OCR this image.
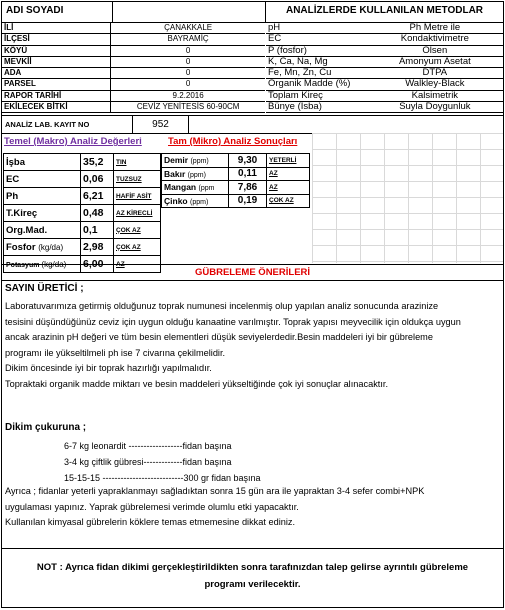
ADI SOYADI	ANALİZLERDE KULLANILAN METODLAR
İLİ	ÇANAKKALE
İLÇESİ	BAYRAMİÇ
KÖYÜ	0
MEVKİİ	0
ADA	0
PARSEL	0
RAPOR TARİHİ	9.2.2016
EKİLECEK BİTKİ	CEVİZ YENİTESİS 60-90CM
pH	Ph Metre ile
EC	Kondaktivimetre
P (fosfor)	Olsen
K, Ca, Na, Mg	Amonyum Asetat
Fe, Mn, Zn, Cu	DTPA
Organik Madde (%)	Walkley-Black
Toplam Kireç	Kalsimetrik
Bünye (İsba)	Suyla Doygunluk
ANALİZ LAB. KAYIT NO	952
Temel (Makro) Analiz Değerleri	Tam (Mikro) Analiz Sonuçları
İşba	35,2	TIN
EC	0,06	TUZSUZ
Ph	6,21	HAFİF ASİT
T.Kireç	0,48	AZ KİRECLİ
Org.Mad.	0,1	ÇOK AZ
Fosfor (kg/da)	2,98	ÇOK AZ
Potasyum (kg/da)	6,00	AZ
Demir (ppm)	9,30	YETERLİ
Bakır (ppm)	0,11	AZ
Mangan (ppm	7,86	AZ
Çinko (ppm)	0,19	ÇOK AZ
GÜBRELEME ÖNERİLERİ
SAYIN ÜRETİCİ ;
Laboratuvarımıza getirmiş olduğunuz toprak numunesi incelenmiş olup yapılan analiz sonucunda arazinize
tesisini düşündüğünüz ceviz için uygun olduğu kanaatine varılmıştır. Toprak yapısı meyvecilik için oldukça uygun
ancak arazinin pH değeri ve tüm besin elementleri düşük seviyelerdedir.Besin maddeleri iyi bir gübreleme
programı ile yükseltilmeli ph ise 7 civarına çekilmelidir.
Dikim öncesinde iyi bir toprak hazırlığı yapılmalıdır.
Topraktaki organik madde miktarı ve besin maddeleri yükseltiğinde çok iyi sonuçlar alınacaktır.
Dikim çukuruna ;
6-7 kg leonardit ------------------fidan başına
3-4 kg çiftlik gübresi-------------fidan başına
15-15-15 ---------------------------300 gr fidan başına
Ayrıca ; fidanlar yeterli yapraklanmayı sağladıktan sonra 15 gün ara ile yapraktan 3-4 sefer combi+NPK
uygulaması yapınız. Yaprak gübrelemesi verimde olumlu etki yapacaktır.
Kullanılan kimyasal gübrelerin köklere temas etmemesine dikkat ediniz.
NOT : Ayrıca fidan dikimi gerçekleştirildikten sonra tarafınızdan talep gelirse ayrıntılı gübreleme
programı verilecektir.
